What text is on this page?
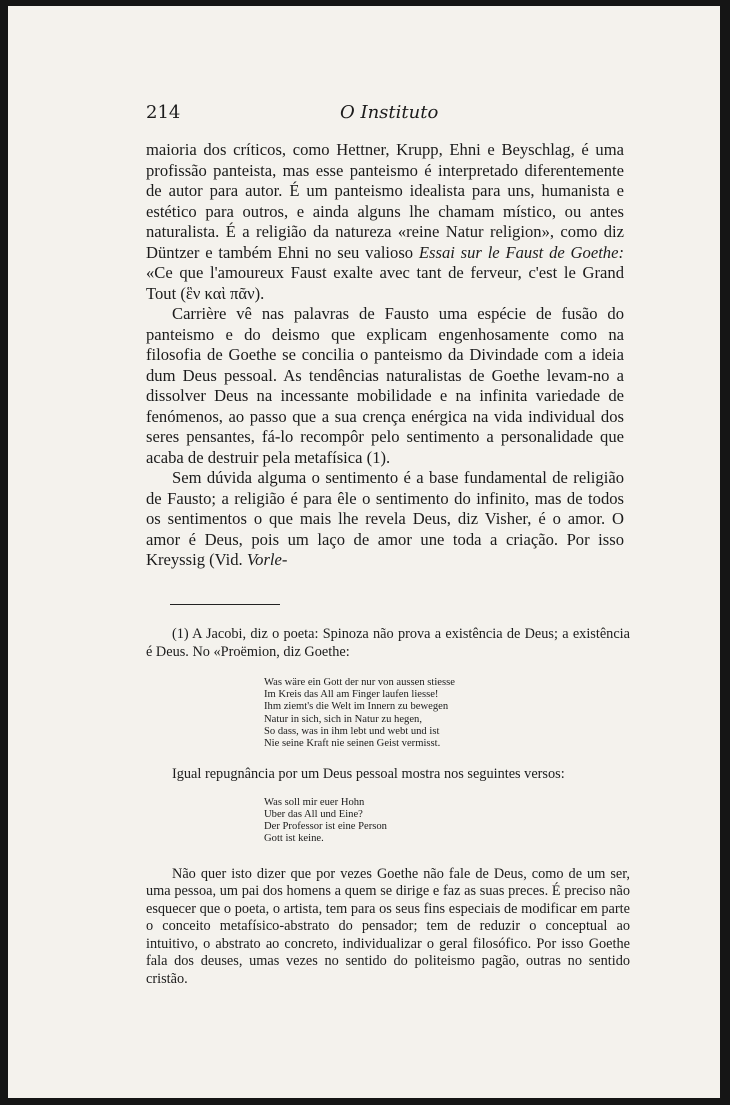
214	O Instituto

maioria dos críticos, como Hettner, Krupp, Ehni e Beyschlag, é uma profissão panteista, mas esse panteismo é interpretado diferentemente de autor para autor. É um panteismo idealista para uns, humanista e estético para outros, e ainda alguns lhe chamam místico, ou antes naturalista. É a religião da natureza «reine Natur religion», como diz Düntzer e também Ehni no seu valioso Essai sur le Faust de Goethe: «Ce que l'amoureux Faust exalte avec tant de ferveur, c'est le Grand Tout (ἓν καὶ πᾶν).

Carrière vê nas palavras de Fausto uma espécie de fusão do panteismo e do deismo que explicam engenhosamente como na filosofia de Goethe se concilia o panteismo da Divindade com a ideia dum Deus pessoal. As tendências naturalistas de Goethe levam-no a dissolver Deus na incessante mobilidade e na infinita variedade de fenómenos, ao passo que a sua crença enérgica na vida individual dos seres pensantes, fá-lo recompôr pelo sentimento a personalidade que acaba de destruir pela metafísica (1).

Sem dúvida alguma o sentimento é a base fundamental de religião de Fausto; a religião é para êle o sentimento do infinito, mas de todos os sentimentos o que mais lhe revela Deus, diz Visher, é o amor. O amor é Deus, pois um laço de amor une toda a criação. Por isso Kreyssig (Vid. Vorle-

(1) A Jacobi, diz o poeta: Spinoza não prova a existência de Deus; a existência é Deus. No «Proëmion, diz Goethe:

Was wäre ein Gott der nur von aussen stiesse
Im Kreis das All am Finger laufen liesse!
Ihm ziemt's die Welt im Innern zu bewegen
Natur in sich, sich in Natur zu hegen,
So dass, was in ihm lebt und webt und ist
Nie seine Kraft nie seinen Geist vermisst.

Igual repugnância por um Deus pessoal mostra nos seguintes versos:

Was soll mir euer Hohn
Uber das All und Eine?
Der Professor ist eine Person
Gott ist keine.

Não quer isto dizer que por vezes Goethe não fale de Deus, como de um ser, uma pessoa, um pai dos homens a quem se dirige e faz as suas preces. É preciso não esquecer que o poeta, o artista, tem para os seus fins especiais de modificar em parte o conceito metafísico-abstrato do pensador; tem de reduzir o conceptual ao intuitivo, o abstrato ao concreto, individualizar o geral filosófico. Por isso Goethe fala dos deuses, umas vezes no sentido do politeismo pagão, outras no sentido cristão.
